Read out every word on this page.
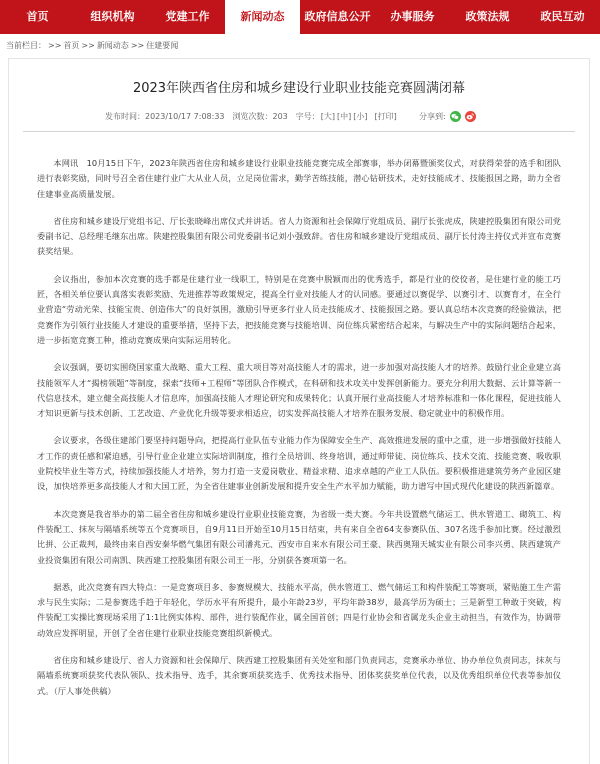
首页	组织机构	党建工作	新闻动态	政府信息公开	办事服务	政策法规	政民互动
当前栏目： >> 首页 >> 新闻动态 >> 住建要闻
2023年陕西省住房和城乡建设行业职业技能竞赛圆满闭幕
发布时间： 2023/10/17 7:08:33 浏览次数： 203 字号： [大] [中] [小] [打印]	分享到:

本网讯　10月15日下午，2023年陕西省住房和城乡建设行业职业技能竞赛完成全部赛事，举办闭幕暨颁奖仪式，对获得荣誉的选手和团队进行表彰奖励，同时号召全省住建行业广大从业人员，立足岗位需求，勤学苦练技能，潜心钻研技术，走好技能成才、技能报国之路，助力全省住建事业高质量发展。

省住房和城乡建设厅党组书记、厅长张晓峰出席仪式并讲话。省人力资源和社会保障厅党组成员、副厅长张虎成，陕建控股集团有限公司党委副书记、总经理毛继东出席。陕建控股集团有限公司党委副书记刘小强致辞。省住房和城乡建设厅党组成员、副厅长付涛主持仪式并宣布竞赛获奖结果。

会议指出，参加本次竞赛的选手都是住建行业一线职工，特别是在竞赛中脱颖而出的优秀选手，都是行业的佼佼者，是住建行业的能工巧匠，各相关单位要认真落实表彰奖励、先进推荐等政策规定，提高全行业对技能人才的认同感。要通过以赛促学、以赛引才、以赛育才，在全行业营造“劳动光荣、技能宝贵、创造伟大”的良好氛围，激励引导更多行业人员走技能成才、技能报国之路。要认真总结本次竞赛的经验做法，把竞赛作为引领行业技能人才建设的重要举措，坚持下去，把技能竞赛与技能培训、岗位练兵紧密结合起来，与解决生产中的实际问题结合起来，进一步拓宽竞赛工种，推动竞赛成果向实际运用转化。

会议强调，要切实围绕国家重大战略、重大工程、重大项目等对高技能人才的需求，进一步加强对高技能人才的培养。鼓励行业企业建立高技能领军人才“揭榜领题”等制度，探索“技师+工程师”等团队合作模式，在科研和技术攻关中发挥创新能力。要充分利用大数据、云计算等新一代信息技术，建立健全高技能人才信息库，加强高技能人才理论研究和成果转化；认真开展行业高技能人才培养标准和一体化课程，促进技能人才知识更新与技术创新、工艺改造、产业优化升级等要求相适应，切实发挥高技能人才培养在服务发展、稳定就业中的积极作用。

会议要求，各级住建部门要坚持问题导向，把提高行业队伍专业能力作为保障安全生产、高效推进发展的重中之重，进一步增强做好技能人才工作的责任感和紧迫感，引导行业企业建立实际培训制度，推行全员培训、终身培训，通过师带徒、岗位练兵、技术交流、技能竞赛、吸收职业院校毕业生等方式，持续加强技能人才培养，努力打造一支爱岗敬业、精益求精、追求卓越的产业工人队伍。要积极推进建筑劳务产业园区建设，加快培养更多高技能人才和大国工匠，为全省住建事业创新发展和提升安全生产水平加力赋能，助力谱写中国式现代化建设的陕西新篇章。

本次竞赛是我省举办的第二届全省住房和城乡建设行业职业技能竞赛，为省级一类大赛。今年共设置燃气储运工、供水管道工、砌筑工、构件装配工、抹灰与隔墙系统等五个竞赛项目，自9月11日开始至10月15日结束，共有来自全省64支参赛队伍、307名选手参加比赛。经过激烈比拼、公正裁判，最终由来自西安秦华燃气集团有限公司潘兆元、西安市自来水有限公司王豪、陕西奥翔天城实业有限公司李兴勇、陕西建筑产业投资集团有限公司南凯、陕西建工控股集团有限公司王一彤，分别获各赛项第一名。

据悉，此次竞赛有四大特点：一是竞赛项目多、参赛规模大、技能水平高，供水管道工、燃气储运工和构件装配工等赛项，紧贴施工生产需求与民生实际；二是参赛选手趋于年轻化，学历水平有所提升，最小年龄23岁，平均年龄38岁，最高学历为硕士；三是新型工种敢于突破，构件装配工实操比赛现场采用了1:1比例实体构、部件，进行装配作业，属全国首创；四是行业协会和省属龙头企业主动担当，有效作为，协调带动效应发挥明显，开创了全省住建行业职业技能竞赛组织新模式。

省住房和城乡建设厅、省人力资源和社会保障厅、陕西建工控股集团有关处室和部门负责同志，竞赛承办单位、协办单位负责同志，抹灰与隔墙系统赛项获奖代表队领队、技术指导、选手，其余赛项获奖选手、优秀技术指导、团体奖获奖单位代表，以及优秀组织单位代表等参加仪式。（厅人事处供稿）
